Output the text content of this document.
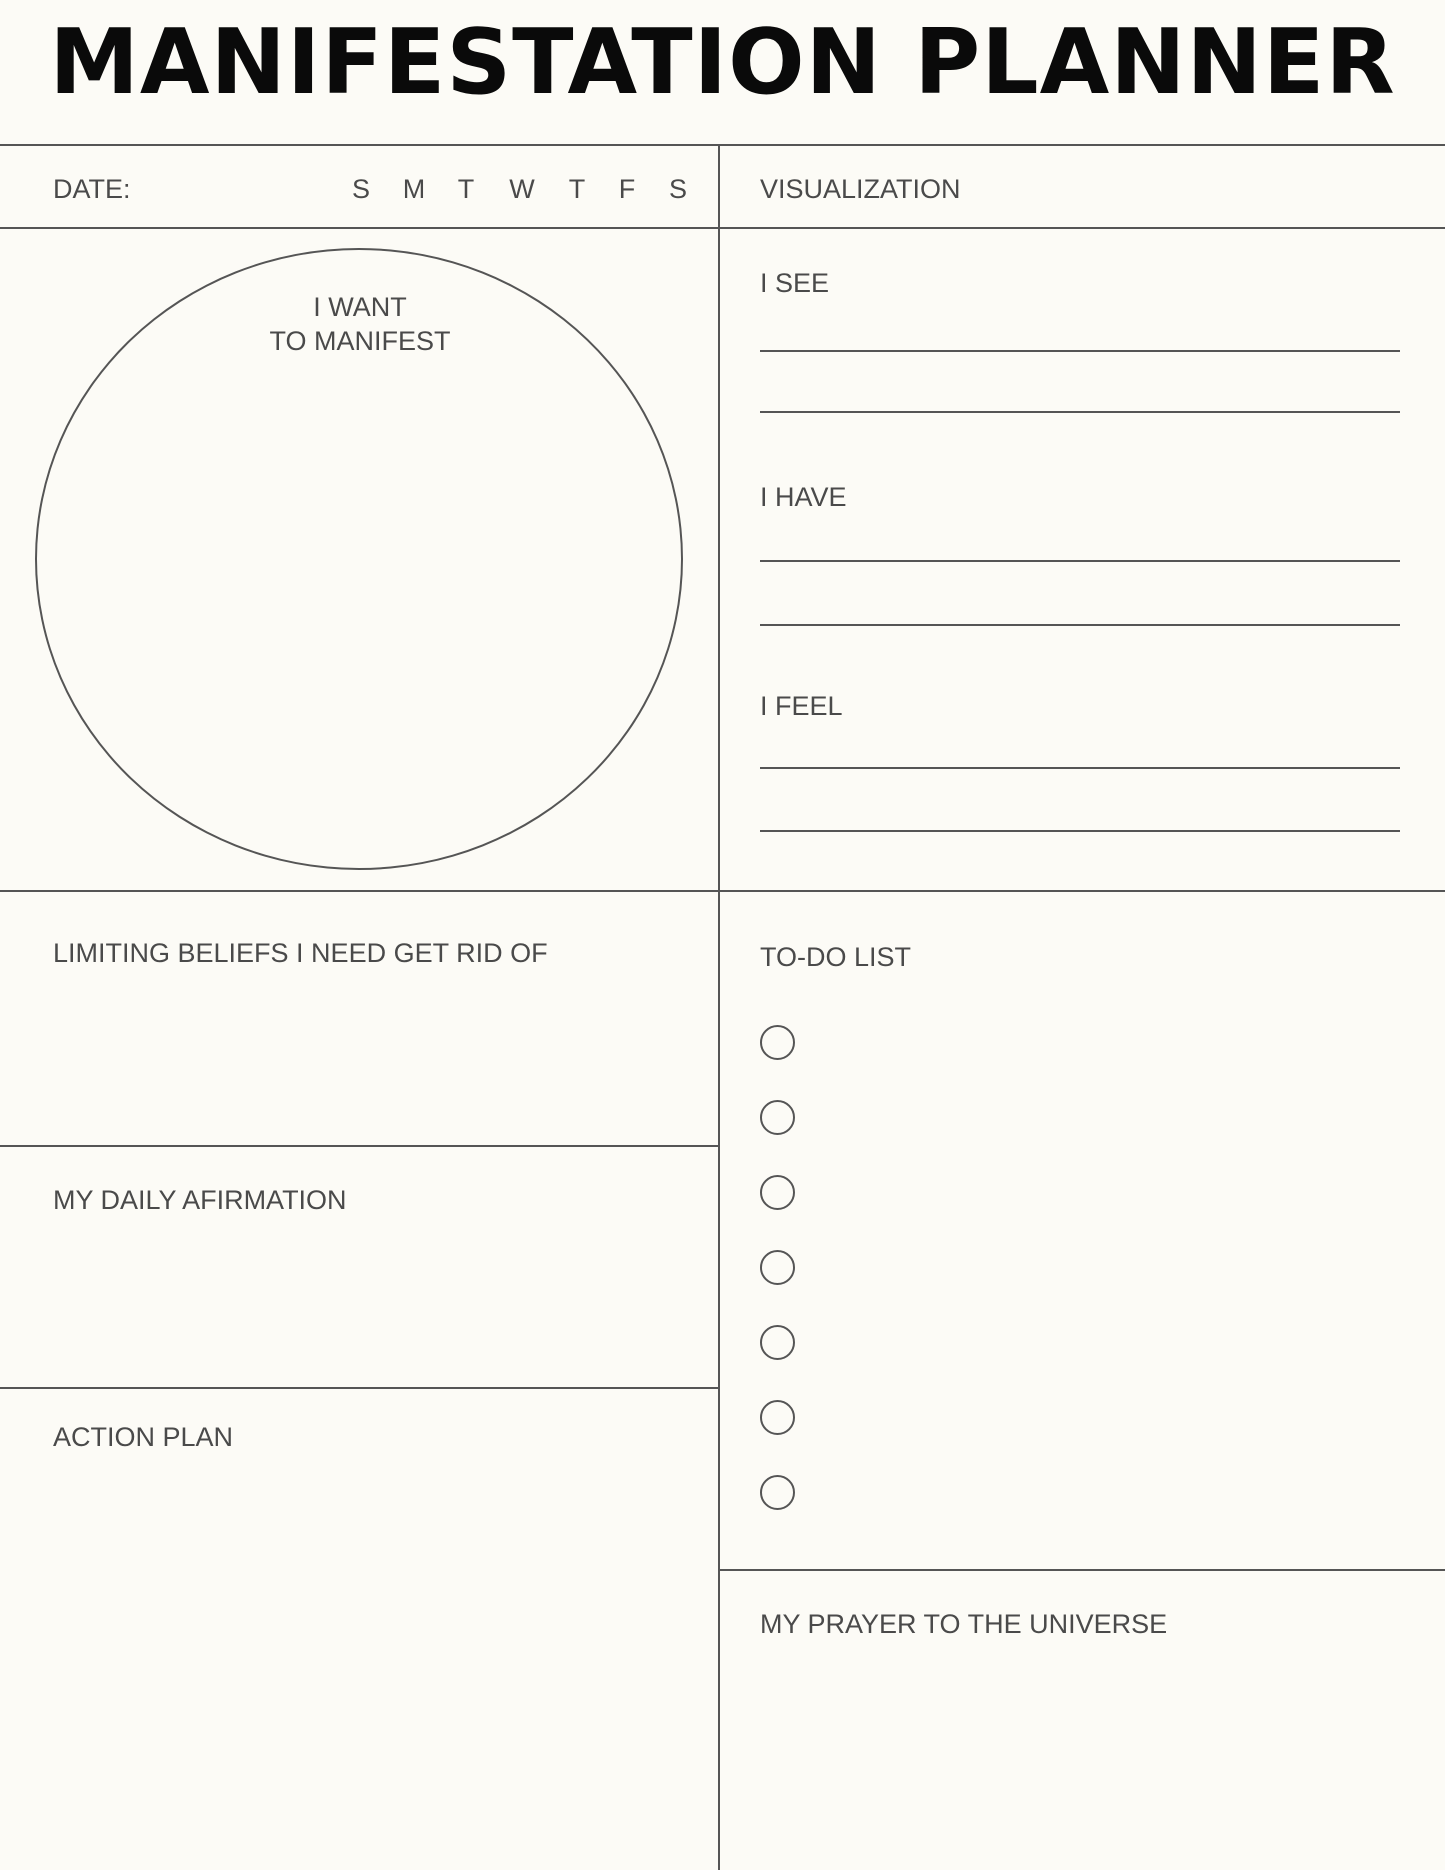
MANIFESTATION PLANNER
DATE:	S	M	T	W	T	F	S	VISUALIZATION
I WANT
TO MANIFEST
I SEE
I HAVE
I FEEL
LIMITING BELIEFS I NEED GET RID OF
MY DAILY AFIRMATION
ACTION PLAN
TO-DO LIST
MY PRAYER TO THE UNIVERSE
